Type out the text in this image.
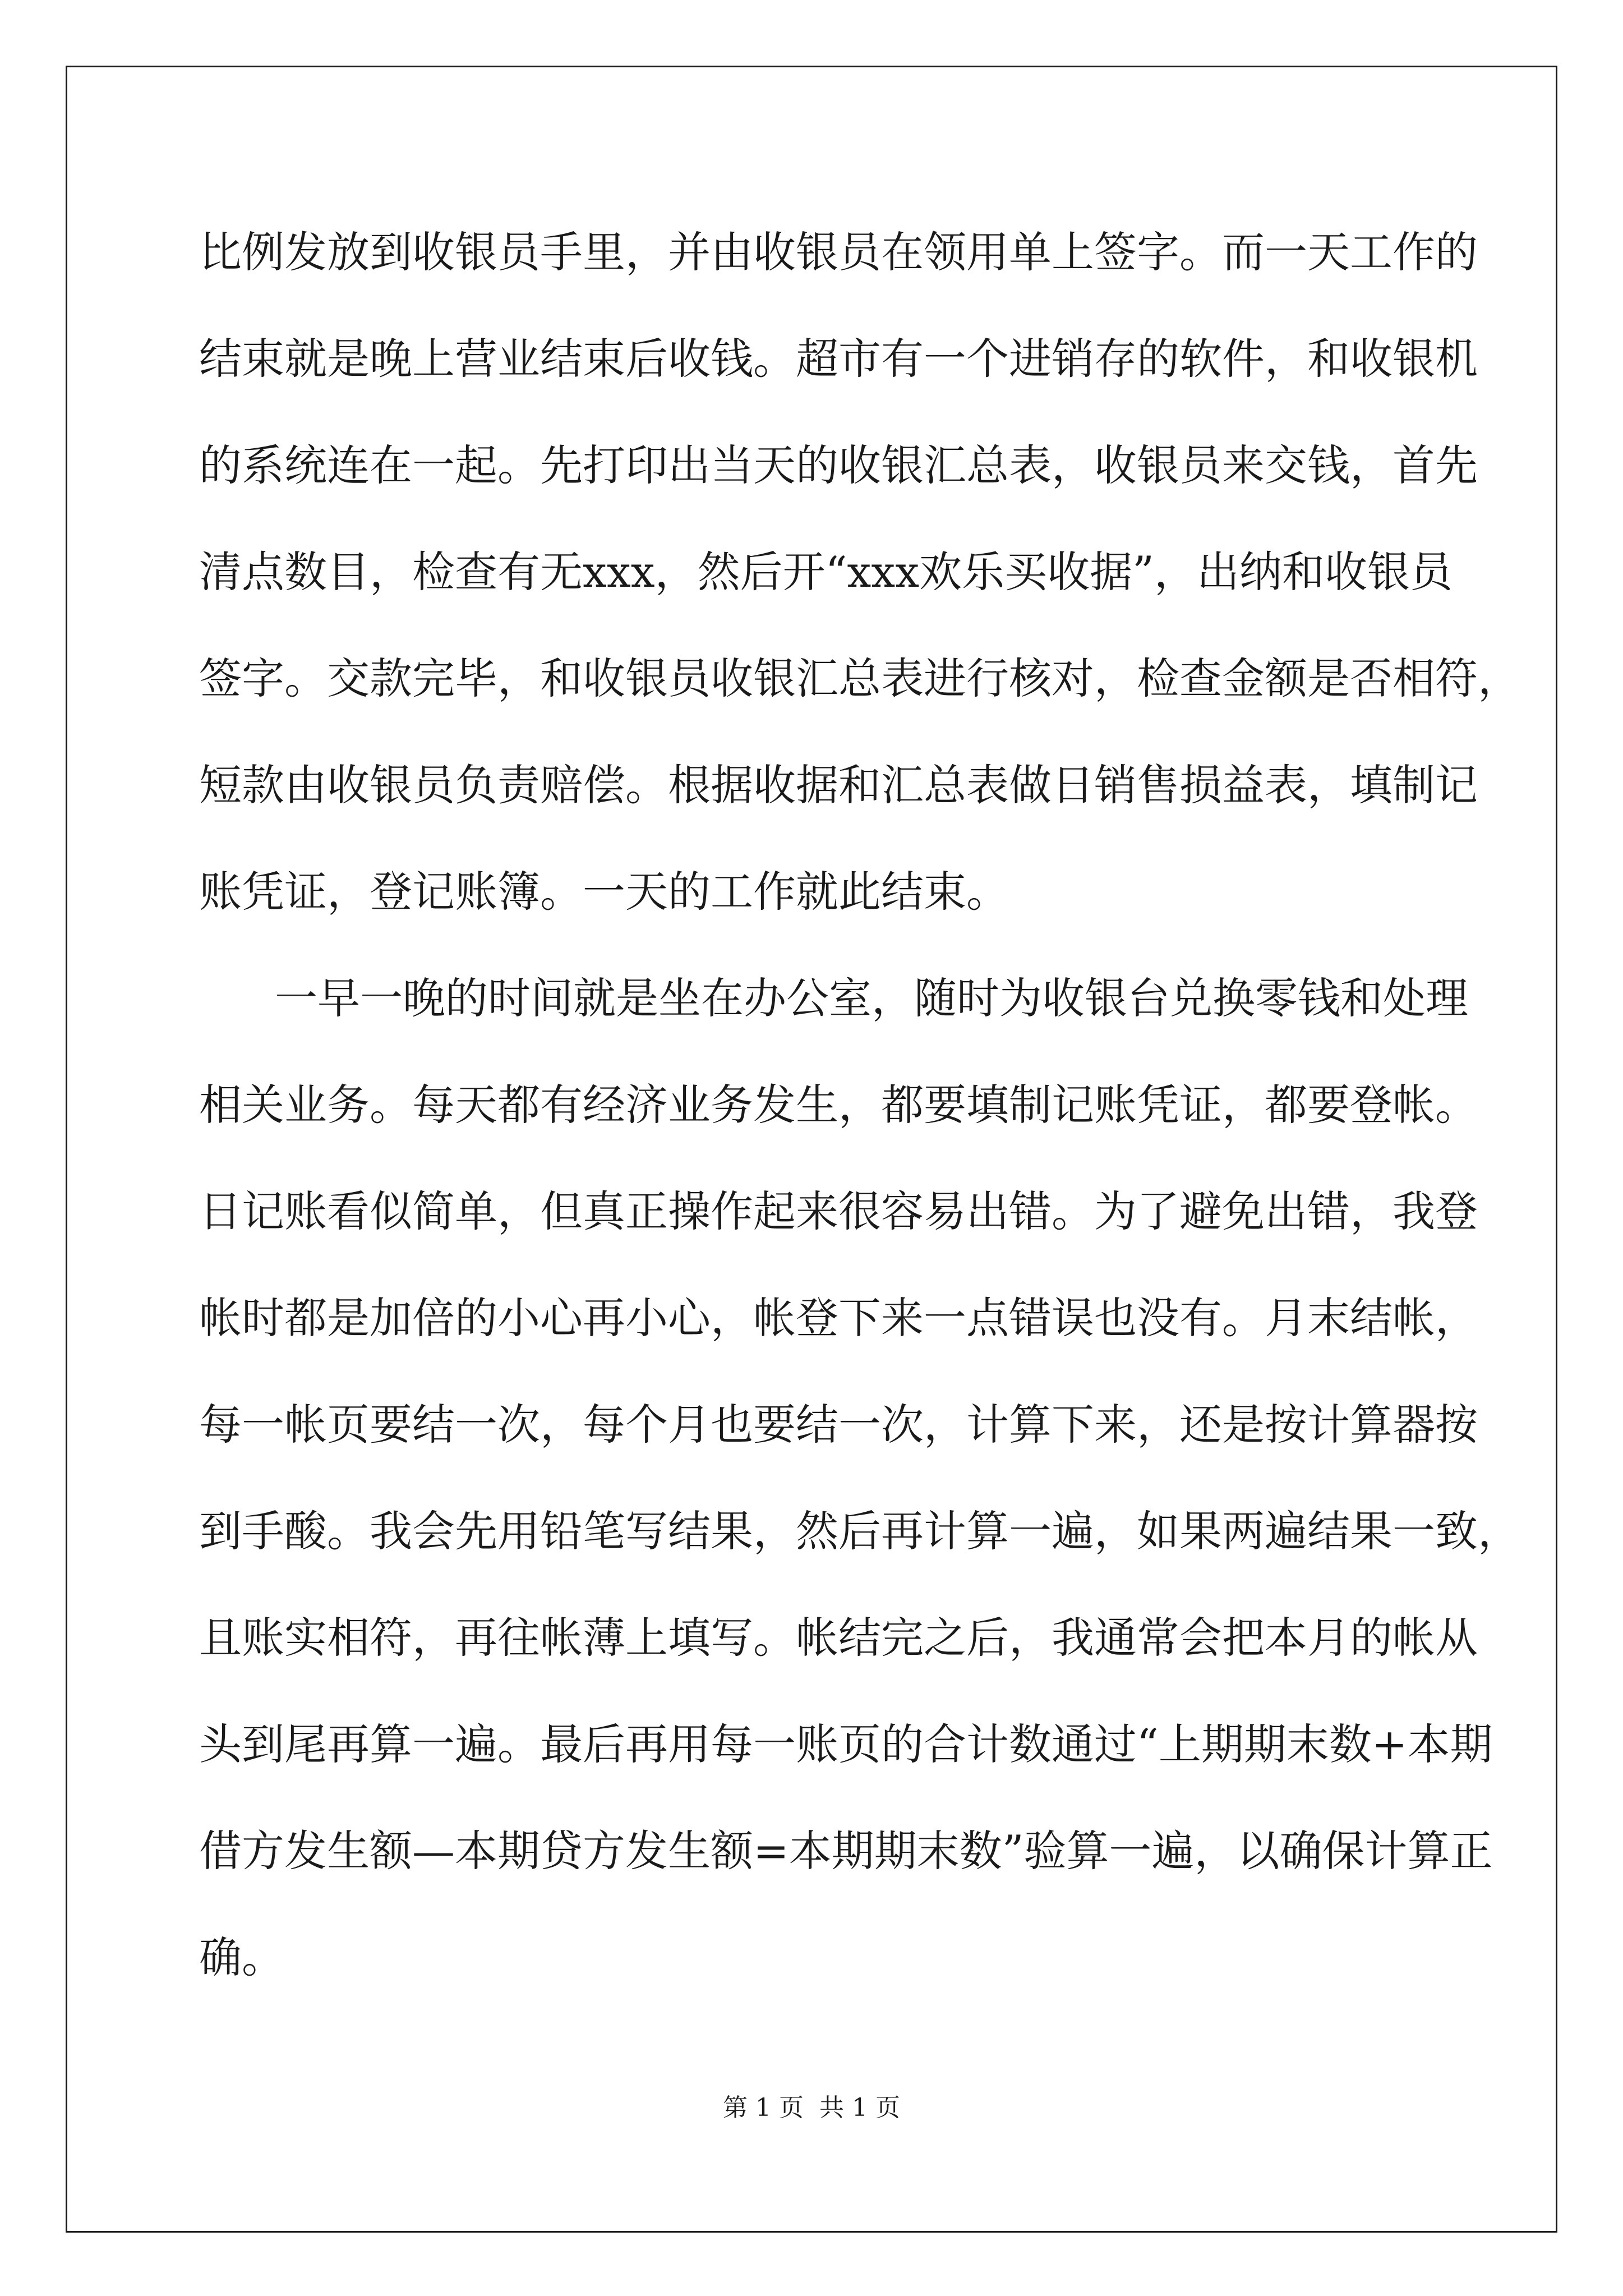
比 例 发 放 到 收 银 员 手 里 ， 并 由 收 银 员 在 领 用 单 上 签 字 。 而 一 天 工 作 的
结 束 就 是 晚 上 营 业 结 束 后 收 钱 。 超 市 有 一 个 进 销 存 的 软 件 ， 和 收 银 机
的 系 统 连 在 一 起 。 先 打 印 出 当 天 的 收 银 汇 总 表 ， 收 银 员 来 交 钱 ， 首 先
清 点 数 目 ， 检 查 有 无 x x x ， 然 后 开 “ x x x 欢 乐 买 收 据 ” ， 出 纳 和 收 银 员
签 字 。 交 款 完 毕 ， 和 收 银 员 收 银 汇 总 表 进 行 核 对 ， 检 查 金 额 是 否 相 符 ，
短 款 由 收 银 员 负 责 赔 偿 。 根 据 收 据 和 汇 总 表 做 日 销 售 损 益 表 ， 填 制 记
账凭证，登记账簿。一天的工作就此结束。
一 早 一 晚 的 时 间 就 是 坐 在 办 公 室 ， 随 时 为 收 银 台 兑 换 零 钱 和 处 理
相 关 业 务 。 每 天 都 有 经 济 业 务 发 生 ， 都 要 填 制 记 账 凭 证 ， 都 要 登 帐 。
日 记 账 看 似 简 单 ， 但 真 正 操 作 起 来 很 容 易 出 错 。 为 了 避 免 出 错 ， 我 登
帐 时 都 是 加 倍 的 小 心 再 小 心 ， 帐 登 下 来 一 点 错 误 也 没 有 。 月 末 结 帐 ，
每 一 帐 页 要 结 一 次 ， 每 个 月 也 要 结 一 次 ， 计 算 下 来 ， 还 是 按 计 算 器 按
到 手 酸 。 我 会 先 用 铅 笔 写 结 果 ， 然 后 再 计 算 一 遍 ， 如 果 两 遍 结 果 一 致 ，
且 账 实 相 符 ， 再 往 帐 薄 上 填 写 。 帐 结 完 之 后 ， 我 通 常 会 把 本 月 的 帐 从
头 到 尾 再 算 一 遍 。 最 后 再 用 每 一 账 页 的 合 计 数 通 过 “ 上 期 期 末 数 + 本 期
借 方 发 生 额 — 本 期 贷 方 发 生 额 = 本 期 期 末 数 ” 验 算 一 遍 ， 以 确 保 计 算 正
确。
第 1 页 共 1 页
